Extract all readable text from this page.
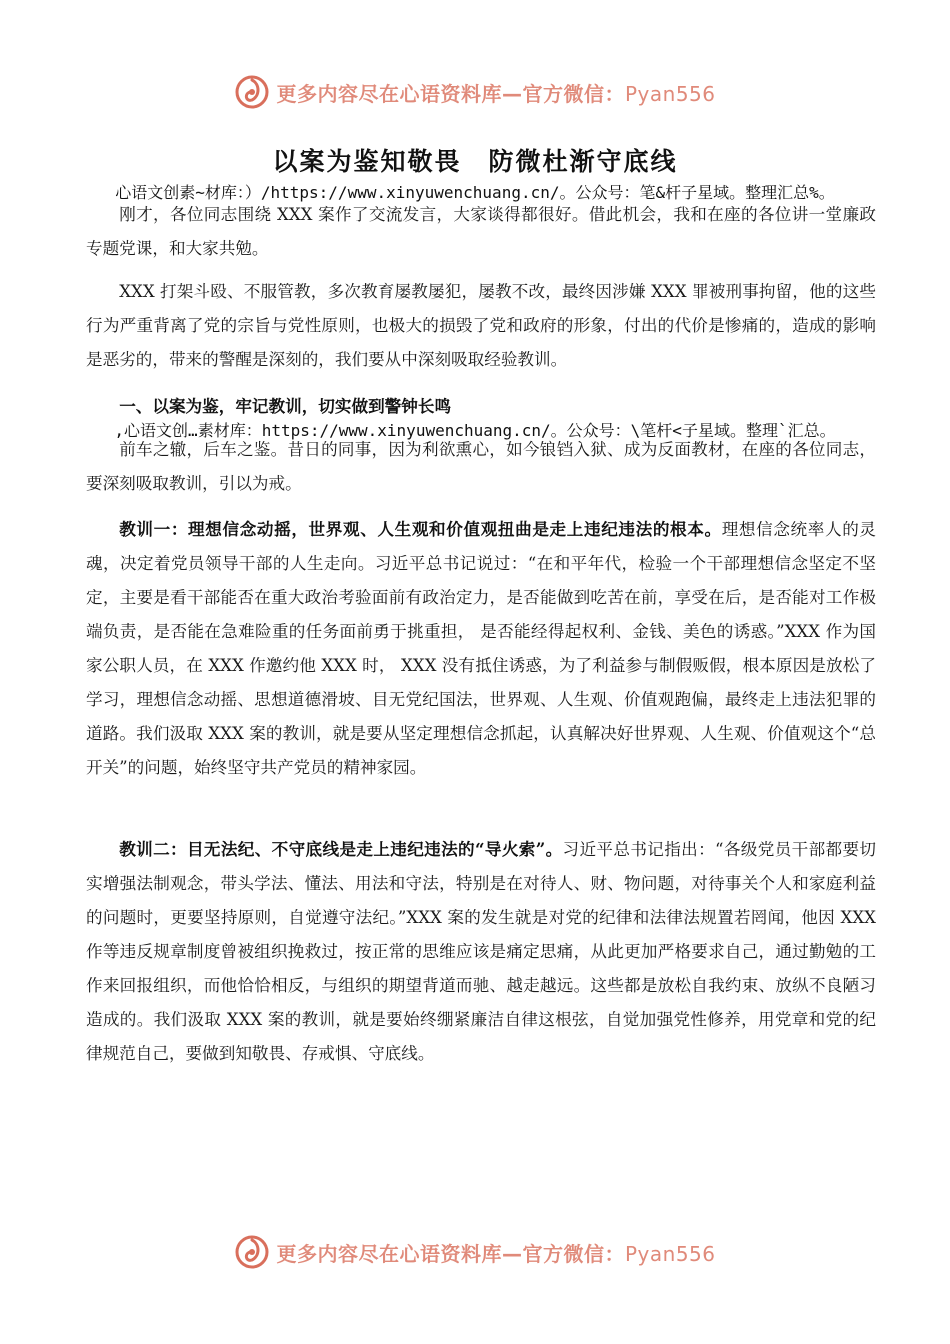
更多内容尽在心语资料库—官方微信：Pyan556
以案为鉴知敬畏　防微杜渐守底线
心语文创素~材库：）/https://www.xinyuwenchuang.cn/。公众号：笔&杆子星域。整理汇总%。

刚才，各位同志围绕 XXX 案作了交流发言，大家谈得都很好。借此机会，我和在座的各位讲一堂廉政专题党课，和大家共勉。

XXX 打架斗殴、不服管教，多次教育屡教屡犯，屡教不改，最终因涉嫌 XXX 罪被刑事拘留，他的这些行为严重背离了党的宗旨与党性原则，也极大的损毁了党和政府的形象，付出的代价是惨痛的，造成的影响是恶劣的，带来的警醒是深刻的，我们要从中深刻吸取经验教训。

一、以案为鉴，牢记教训，切实做到警钟长鸣

,心语文创…素材库：https://www.xinyuwenchuang.cn/。公众号：\笔杆<子星域。整理`汇总。

前车之辙，后车之鉴。昔日的同事，因为利欲熏心，如今锒铛入狱、成为反面教材，在座的各位同志，要深刻吸取教训，引以为戒。

教训一：理想信念动摇，世界观、人生观和价值观扭曲是走上违纪违法的根本。理想信念统率人的灵魂，决定着党员领导干部的人生走向。习近平总书记说过：“在和平年代，检验一个干部理想信念坚定不坚定，主要是看干部能否在重大政治考验面前有政治定力，是否能做到吃苦在前，享受在后，是否能对工作极端负责，是否能在急难险重的任务面前勇于挑重担， 是否能经得起权利、金钱、美色的诱惑。”XXX 作为国家公职人员，在 XXX 作邀约他 XXX 时， XXX 没有抵住诱惑，为了利益参与制假贩假，根本原因是放松了学习，理想信念动摇、思想道德滑坡、目无党纪国法，世界观、人生观、价值观跑偏，最终走上违法犯罪的道路。我们汲取 XXX 案的教训，就是要从坚定理想信念抓起，认真解决好世界观、人生观、价值观这个“总开关”的问题，始终坚守共产党员的精神家园。

教训二：目无法纪、不守底线是走上违纪违法的“导火索”。习近平总书记指出：“各级党员干部都要切实增强法制观念，带头学法、懂法、用法和守法，特别是在对待人、财、物问题，对待事关个人和家庭利益的问题时，更要坚持原则，自觉遵守法纪。”XXX 案的发生就是对党的纪律和法律法规置若罔闻，他因 XXX 作等违反规章制度曾被组织挽救过，按正常的思维应该是痛定思痛，从此更加严格要求自己，通过勤勉的工作来回报组织，而他恰恰相反，与组织的期望背道而驰、越走越远。这些都是放松自我约束、放纵不良陋习造成的。我们汲取 XXX 案的教训，就是要始终绷紧廉洁自律这根弦，自觉加强党性修养，用党章和党的纪律规范自己，要做到知敬畏、存戒惧、守底线。

更多内容尽在心语资料库—官方微信：Pyan556
